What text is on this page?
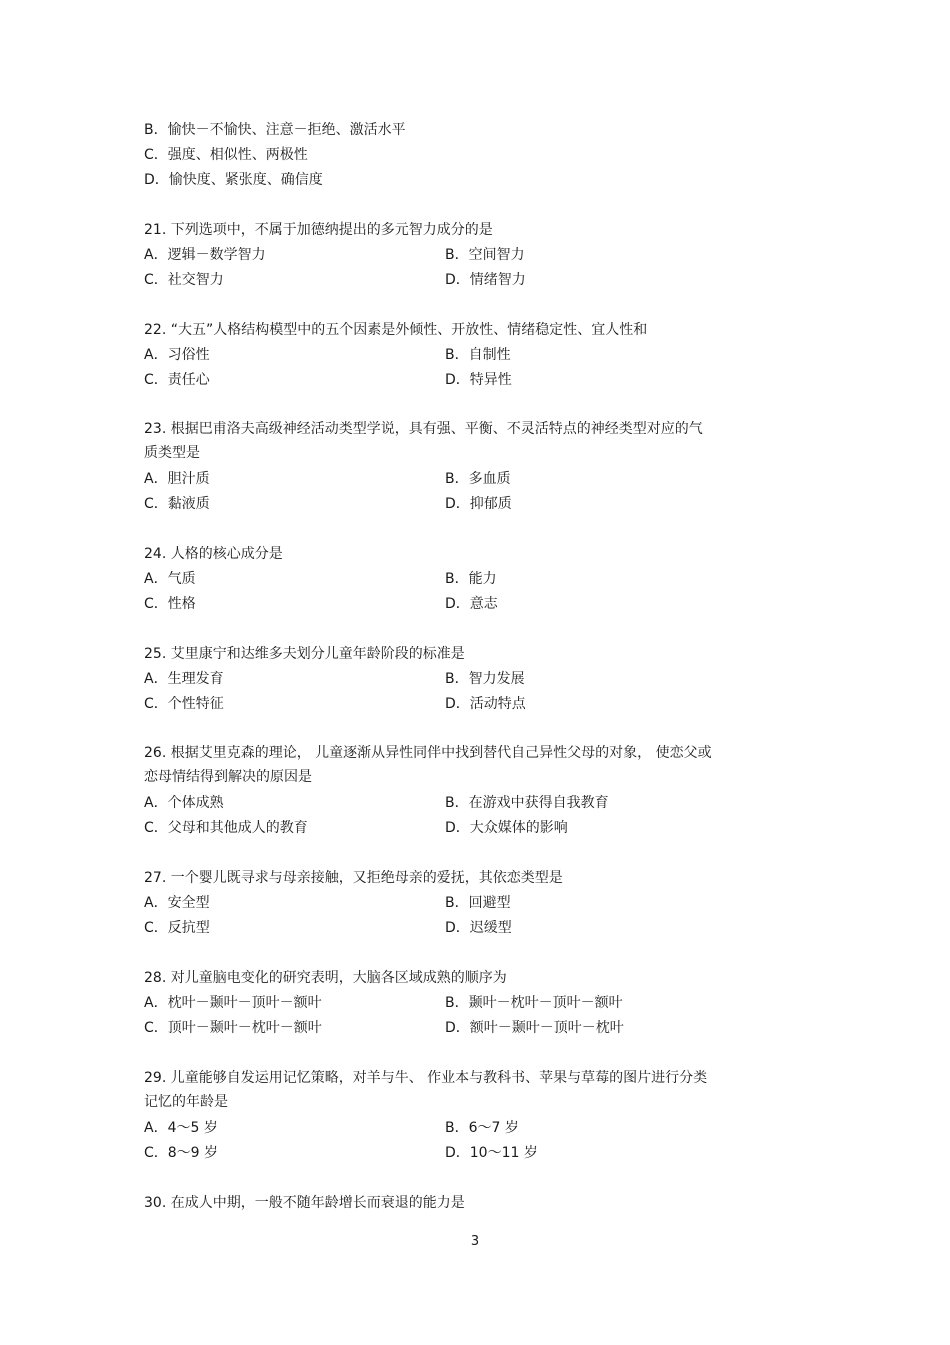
B．愉快－不愉快、注意－拒绝、激活水平
C．强度、相似性、两极性
D．愉快度、紧张度、确信度
21. 下列选项中，不属于加德纳提出的多元智力成分的是
A．逻辑－数学智力	B．空间智力
C．社交智力	D．情绪智力
22. “大五”人格结构模型中的五个因素是外倾性、开放性、情绪稳定性、宜人性和
A．习俗性	B．自制性
C．责任心	D．特异性
23. 根据巴甫洛夫高级神经活动类型学说，具有强、平衡、不灵活特点的神经类型对应的气
质类型是
A．胆汁质	B．多血质
C．黏液质	D．抑郁质
24. 人格的核心成分是
A．气质	B．能力
C．性格	D．意志
25. 艾里康宁和达维多夫划分儿童年龄阶段的标准是
A．生理发育	B．智力发展
C．个性特征	D．活动特点
26. 根据艾里克森的理论， 儿童逐渐从异性同伴中找到替代自己异性父母的对象， 使恋父或
恋母情结得到解决的原因是
A．个体成熟	B．在游戏中获得自我教育
C．父母和其他成人的教育	D．大众媒体的影响
27. 一个婴儿既寻求与母亲接触，又拒绝母亲的爱抚，其依恋类型是
A．安全型	B．回避型
C．反抗型	D．迟缓型
28. 对儿童脑电变化的研究表明，大脑各区域成熟的顺序为
A．枕叶－颞叶－顶叶－额叶	B．颞叶－枕叶－顶叶－额叶
C．顶叶－颞叶－枕叶－额叶	D．额叶－颞叶－顶叶－枕叶
29. 儿童能够自发运用记忆策略，对羊与牛、 作业本与教科书、苹果与草莓的图片进行分类
记忆的年龄是
A．4～5 岁	B．6～7 岁
C．8～9 岁	D．10～11 岁
30. 在成人中期，一般不随年龄增长而衰退的能力是
3
